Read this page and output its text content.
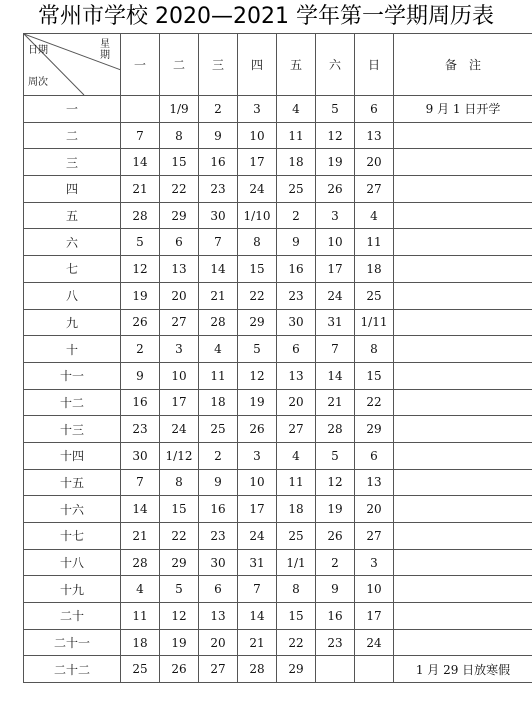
常州市学校 2020—2021 学年第一学期周历表
日期
星期
周次	一	二	三	四	五	六	日	备　注
一		1/9	2	3	4	5	6	9 月 1 日开学
二	7	8	9	10	11	12	13	
三	14	15	16	17	18	19	20	
四	21	22	23	24	25	26	27	
五	28	29	30	1/10	2	3	4	
六	5	6	7	8	9	10	11	
七	12	13	14	15	16	17	18	
八	19	20	21	22	23	24	25	
九	26	27	28	29	30	31	1/11	
十	2	3	4	5	6	7	8	
十一	9	10	11	12	13	14	15	
十二	16	17	18	19	20	21	22	
十三	23	24	25	26	27	28	29	
十四	30	1/12	2	3	4	5	6	
十五	7	8	9	10	11	12	13	
十六	14	15	16	17	18	19	20	
十七	21	22	23	24	25	26	27	
十八	28	29	30	31	1/1	2	3	
十九	4	5	6	7	8	9	10	
二十	11	12	13	14	15	16	17	
二十一	18	19	20	21	22	23	24	
二十二	25	26	27	28	29			1 月 29 日放寒假
